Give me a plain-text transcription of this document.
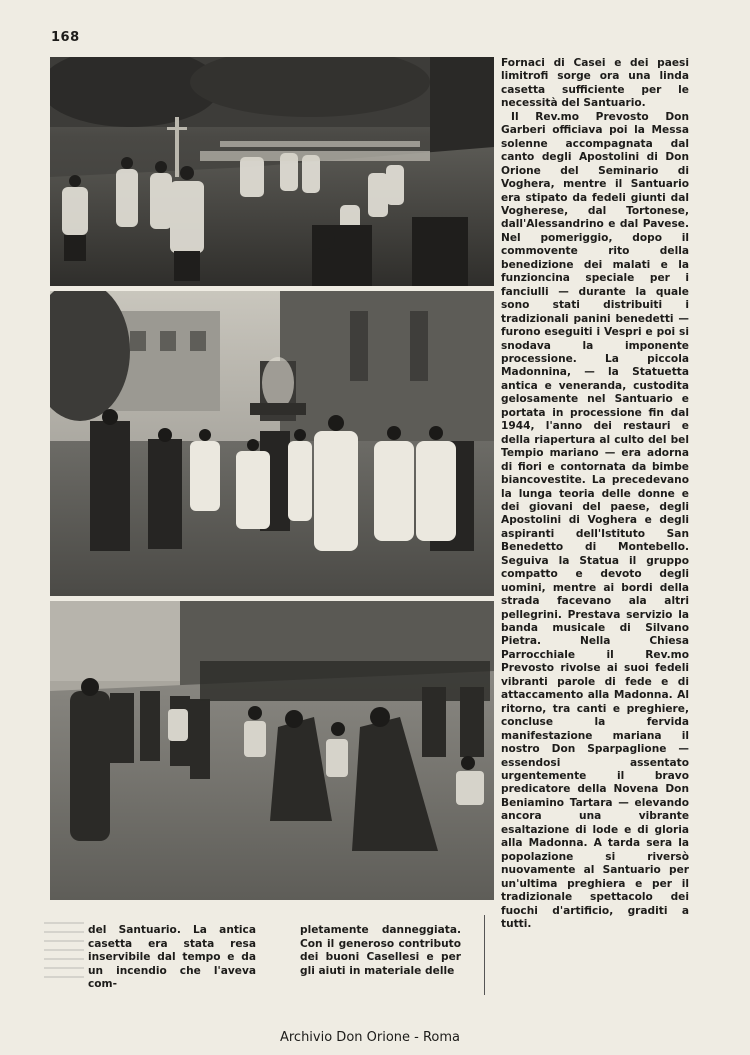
168

Fornaci di Casei e dei paesi limitrofi sorge ora una linda casetta sufficiente per le necessità del Santuario.

Il Rev.mo Prevosto Don Garberi officiava poi la Messa solenne accompagnata dal canto degli Apostolini di Don Orione del Seminario di Voghera, mentre il Santuario era stipato da fedeli giunti dal Vogherese, dal Tortonese, dall'Alessandrino e dal Pavese. Nel pomeriggio, dopo il commovente rito della benedizione dei malati e la funzioncina speciale per i fanciulli — durante la quale sono stati distribuiti i tradizionali panini benedetti — furono eseguiti i Vespri e poi si snodava la imponente processione. La piccola Madonnina, — la Statuetta antica e veneranda, custodita gelosamente nel Santuario e portata in processione fin dal 1944, l'anno dei restauri e della riapertura al culto del bel Tempio mariano — era adorna di fiori e contornata da bimbe biancovestite. La precedevano la lunga teoria delle donne e dei giovani del paese, degli Apostolini di Voghera e degli aspiranti dell'Istituto San Benedetto di Montebello. Seguiva la Statua il gruppo compatto e devoto degli uomini, mentre ai bordi della strada facevano ala altri pellegrini. Prestava servizio la banda musicale di Silvano Pietra. Nella Chiesa Parrocchiale il Rev.mo Prevosto rivolse ai suoi fedeli vibranti parole di fede e di attaccamento alla Madonna. Al ritorno, tra canti e preghiere, concluse la fervida manifestazione mariana il nostro Don Sparpaglione — essendosi assentato urgentemente il bravo predicatore della Novena Don Beniamino Tartara — elevando ancora una vibrante esaltazione di lode e di gloria alla Madonna. A tarda sera la popolazione si riversò nuovamente al Santuario per un'ultima preghiera e per il tradizionale spettacolo dei fuochi d'artificio, graditi a tutti.

del Santuario. La antica casetta era stata resa inservibile dal tempo e da un incendio che l'aveva com-
pletamente danneggiata. Con il generoso contributo dei buoni Casellesi e per gli aiuti in materiale delle
Archivio Don Orione - Roma
